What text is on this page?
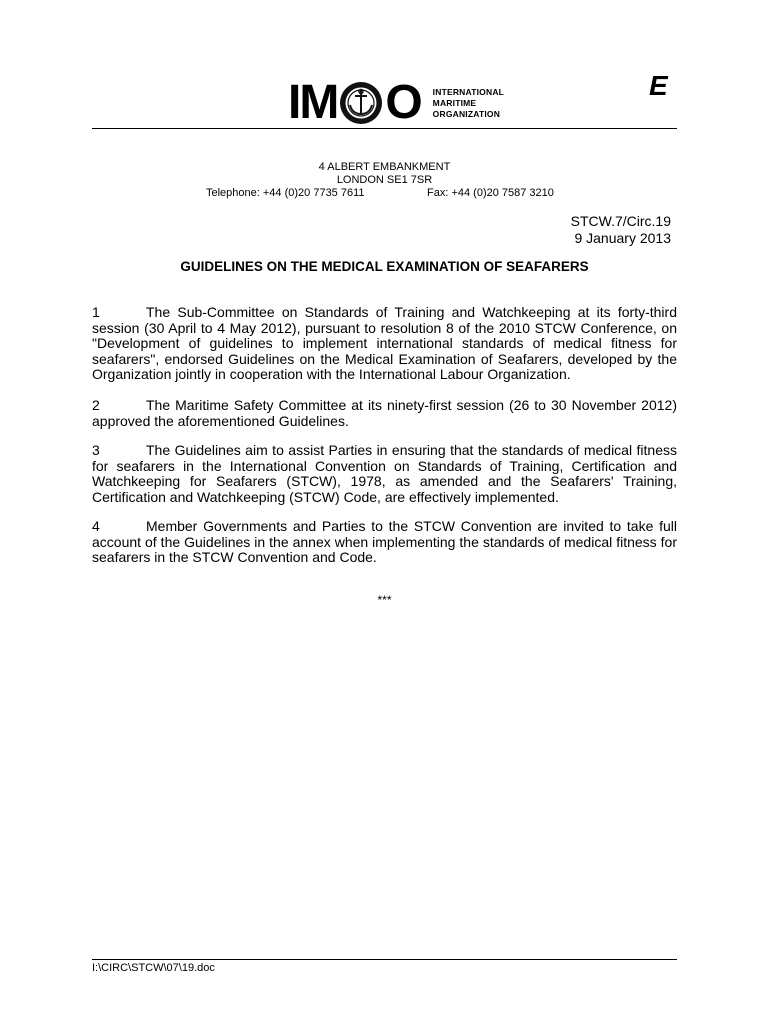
IM O INTERNATIONAL
MARITIME
ORGANIZATION
E
4 ALBERT EMBANKMENT
LONDON SE1 7SR
Telephone: +44 (0)20 7735 7611	Fax: +44 (0)20 7587 3210
STCW.7/Circ.19
9 January 2013
GUIDELINES ON THE MEDICAL EXAMINATION OF SEAFARERS
1	The Sub-Committee on Standards of Training and Watchkeeping at its forty-third session (30 April to 4 May 2012), pursuant to resolution 8 of the 2010 STCW Conference, on "Development of guidelines to implement international standards of medical fitness for seafarers", endorsed Guidelines on the Medical Examination of Seafarers, developed by the Organization jointly in cooperation with the International Labour Organization.
2	The Maritime Safety Committee at its ninety-first session (26 to 30 November 2012) approved the aforementioned Guidelines.
3	The Guidelines aim to assist Parties in ensuring that the standards of medical fitness for seafarers in the International Convention on Standards of Training, Certification and Watchkeeping for Seafarers (STCW), 1978, as amended and the Seafarers' Training, Certification and Watchkeeping (STCW) Code, are effectively implemented.
4	Member Governments and Parties to the STCW Convention are invited to take full account of the Guidelines in the annex when implementing the standards of medical fitness for seafarers in the STCW Convention and Code.
***
I:\CIRC\STCW\07\19.doc
